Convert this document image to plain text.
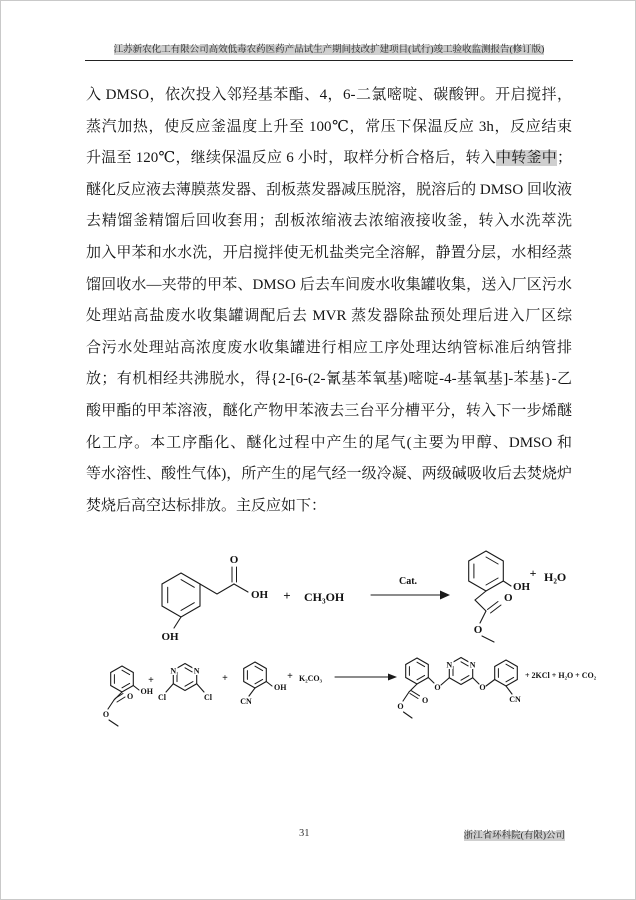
江苏新农化工有限公司高效低毒农药医药产品试生产期间技改扩建项目(试行)竣工验收监测报告(修订版)
入 DMSO，依次投入邻羟基苯酯、4，6-二氯嘧啶、碳酸钾。开启搅拌，
蒸汽加热，使反应釜温度上升至 100℃，常压下保温反应 3h，反应结束
升温至 120℃，继续保温反应 6 小时，取样分析合格后，转入中转釜中；
醚化反应液去薄膜蒸发器、刮板蒸发器减压脱溶，脱溶后的 DMSO 回收液
去精馏釜精馏后回收套用；刮板浓缩液去浓缩液接收釜，转入水洗萃洗
加入甲苯和水水洗，开启搅拌使无机盐类完全溶解，静置分层，水相经蒸
馏回收水—夹带的甲苯、DMSO 后去车间废水收集罐收集，送入厂区污水
处理站高盐废水收集罐调配后去 MVR 蒸发器除盐预处理后进入厂区综
合污水处理站高浓度废水收集罐进行相应工序处理达纳管标准后纳管排
放；有机相经共沸脱水，得{2-[6-(2-氰基苯氧基)嘧啶-4-基氧基]-苯基}-乙
酸甲酯的甲苯溶液，醚化产物甲苯液去三台平分槽平分，转入下一步烯醚
化工序。本工序酯化、醚化过程中产生的尾气(主要为甲醇、DMSO 和
等水溶性、酸性气体)，所产生的尾气经一级冷凝、两级碱吸收后去焚烧炉
焚烧后高空达标排放。主反应如下：
OH
O
OH + CH₃OH
Cat.	OH
O
O
+ H₂O
OH
O
O
+
N N
Cl	Cl
+
OH
CN
+ K₂CO₃
O
O
O
N N
O
CN
+ 2KCl + H₂O + CO₂
31	浙江省环科院(有限)公司
